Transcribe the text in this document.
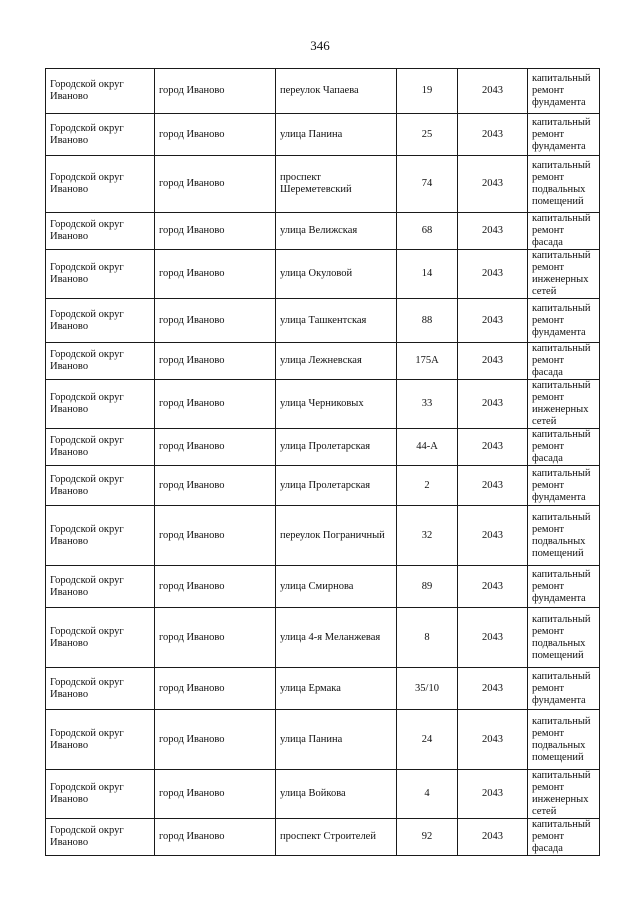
346
Городской округ Иваново	город Иваново	переулок Чапаева	19	2043	капитальный ремонт фундамента
Городской округ Иваново	город Иваново	улица Панина	25	2043	капитальный ремонт фундамента
Городской округ Иваново	город Иваново	проспект Шереметевский	74	2043	капитальный ремонт подвальных помещений
Городской округ Иваново	город Иваново	улица Велижская	68	2043	капитальный ремонт фасада
Городской округ Иваново	город Иваново	улица Окуловой	14	2043	капитальный ремонт инженерных сетей
Городской округ Иваново	город Иваново	улица Ташкентская	88	2043	капитальный ремонт фундамента
Городской округ Иваново	город Иваново	улица Лежневская	175А	2043	капитальный ремонт фасада
Городской округ Иваново	город Иваново	улица Черниковых	33	2043	капитальный ремонт инженерных сетей
Городской округ Иваново	город Иваново	улица Пролетарская	44-А	2043	капитальный ремонт фасада
Городской округ Иваново	город Иваново	улица Пролетарская	2	2043	капитальный ремонт фундамента
Городской округ Иваново	город Иваново	переулок Пограничный	32	2043	капитальный ремонт подвальных помещений
Городской округ Иваново	город Иваново	улица Смирнова	89	2043	капитальный ремонт фундамента
Городской округ Иваново	город Иваново	улица 4-я Меланжевая	8	2043	капитальный ремонт подвальных помещений
Городской округ Иваново	город Иваново	улица Ермака	35/10	2043	капитальный ремонт фундамента
Городской округ Иваново	город Иваново	улица Панина	24	2043	капитальный ремонт подвальных помещений
Городской округ Иваново	город Иваново	улица Войкова	4	2043	капитальный ремонт инженерных сетей
Городской округ Иваново	город Иваново	проспект Строителей	92	2043	капитальный ремонт фасада
